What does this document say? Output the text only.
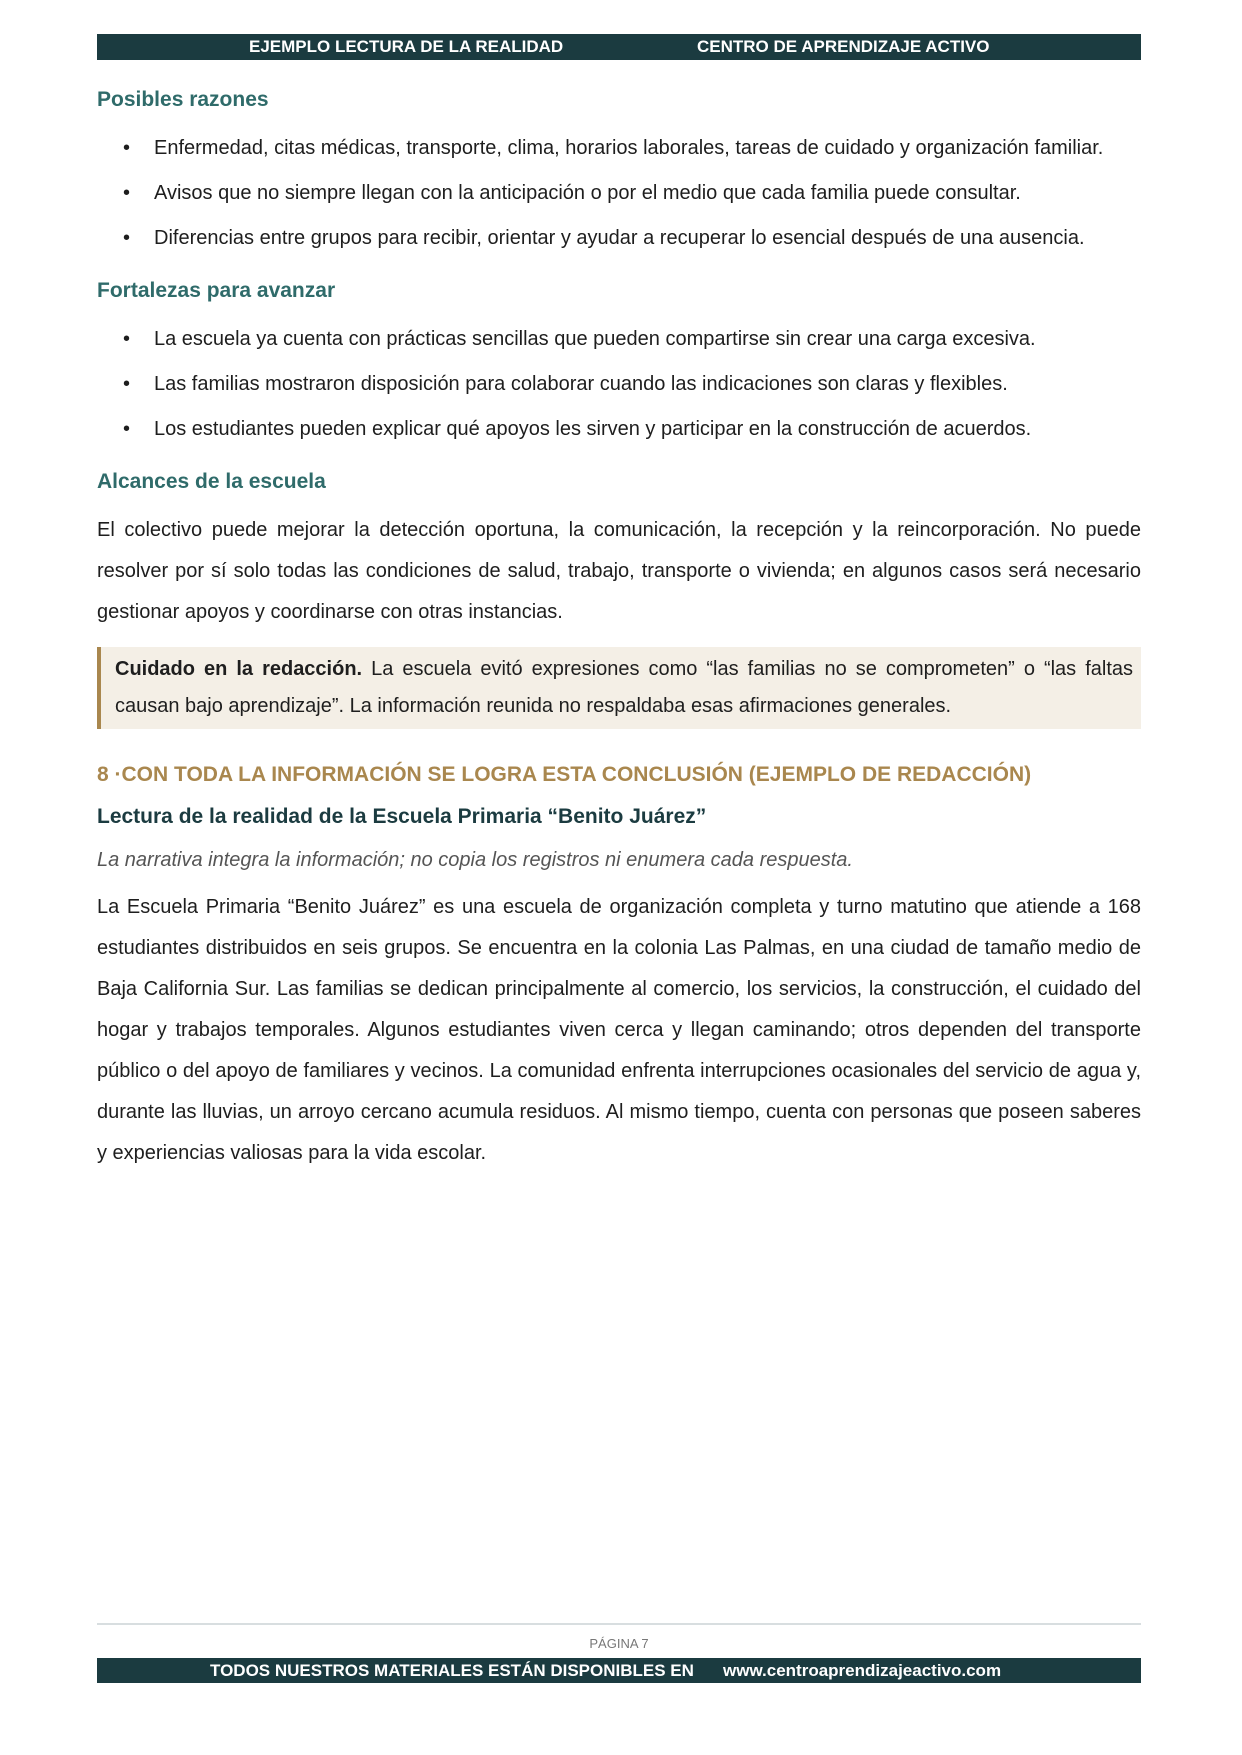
EJEMPLO LECTURA DE LA REALIDAD	CENTRO DE APRENDIZAJE ACTIVO
Posibles razones
• Enfermedad, citas médicas, transporte, clima, horarios laborales, tareas de cuidado y organización familiar.
• Avisos que no siempre llegan con la anticipación o por el medio que cada familia puede consultar.
• Diferencias entre grupos para recibir, orientar y ayudar a recuperar lo esencial después de una ausencia.
Fortalezas para avanzar
• La escuela ya cuenta con prácticas sencillas que pueden compartirse sin crear una carga excesiva.
• Las familias mostraron disposición para colaborar cuando las indicaciones son claras y flexibles.
• Los estudiantes pueden explicar qué apoyos les sirven y participar en la construcción de acuerdos.
Alcances de la escuela

El colectivo puede mejorar la detección oportuna, la comunicación, la recepción y la reincorporación. No puede resolver por sí solo todas las condiciones de salud, trabajo, transporte o vivienda; en algunos casos será necesario gestionar apoyos y coordinarse con otras instancias.

Cuidado en la redacción. La escuela evitó expresiones como “las familias no se comprometen” o “las faltas causan bajo aprendizaje”. La información reunida no respaldaba esas afirmaciones generales.
8 ·CON TODA LA INFORMACIÓN SE LOGRA ESTA CONCLUSIÓN (EJEMPLO DE REDACCIÓN)
Lectura de la realidad de la Escuela Primaria “Benito Juárez”
La narrativa integra la información; no copia los registros ni enumera cada respuesta.

La Escuela Primaria “Benito Juárez” es una escuela de organización completa y turno matutino que atiende a 168 estudiantes distribuidos en seis grupos. Se encuentra en la colonia Las Palmas, en una ciudad de tamaño medio de Baja California Sur. Las familias se dedican principalmente al comercio, los servicios, la construcción, el cuidado del hogar y trabajos temporales. Algunos estudiantes viven cerca y llegan caminando; otros dependen del transporte público o del apoyo de familiares y vecinos. La comunidad enfrenta interrupciones ocasionales del servicio de agua y, durante las lluvias, un arroyo cercano acumula residuos. Al mismo tiempo, cuenta con personas que poseen saberes y experiencias valiosas para la vida escolar.

PÁGINA 7
TODOS NUESTROS MATERIALES ESTÁN DISPONIBLES EN www.centroaprendizajeactivo.com
